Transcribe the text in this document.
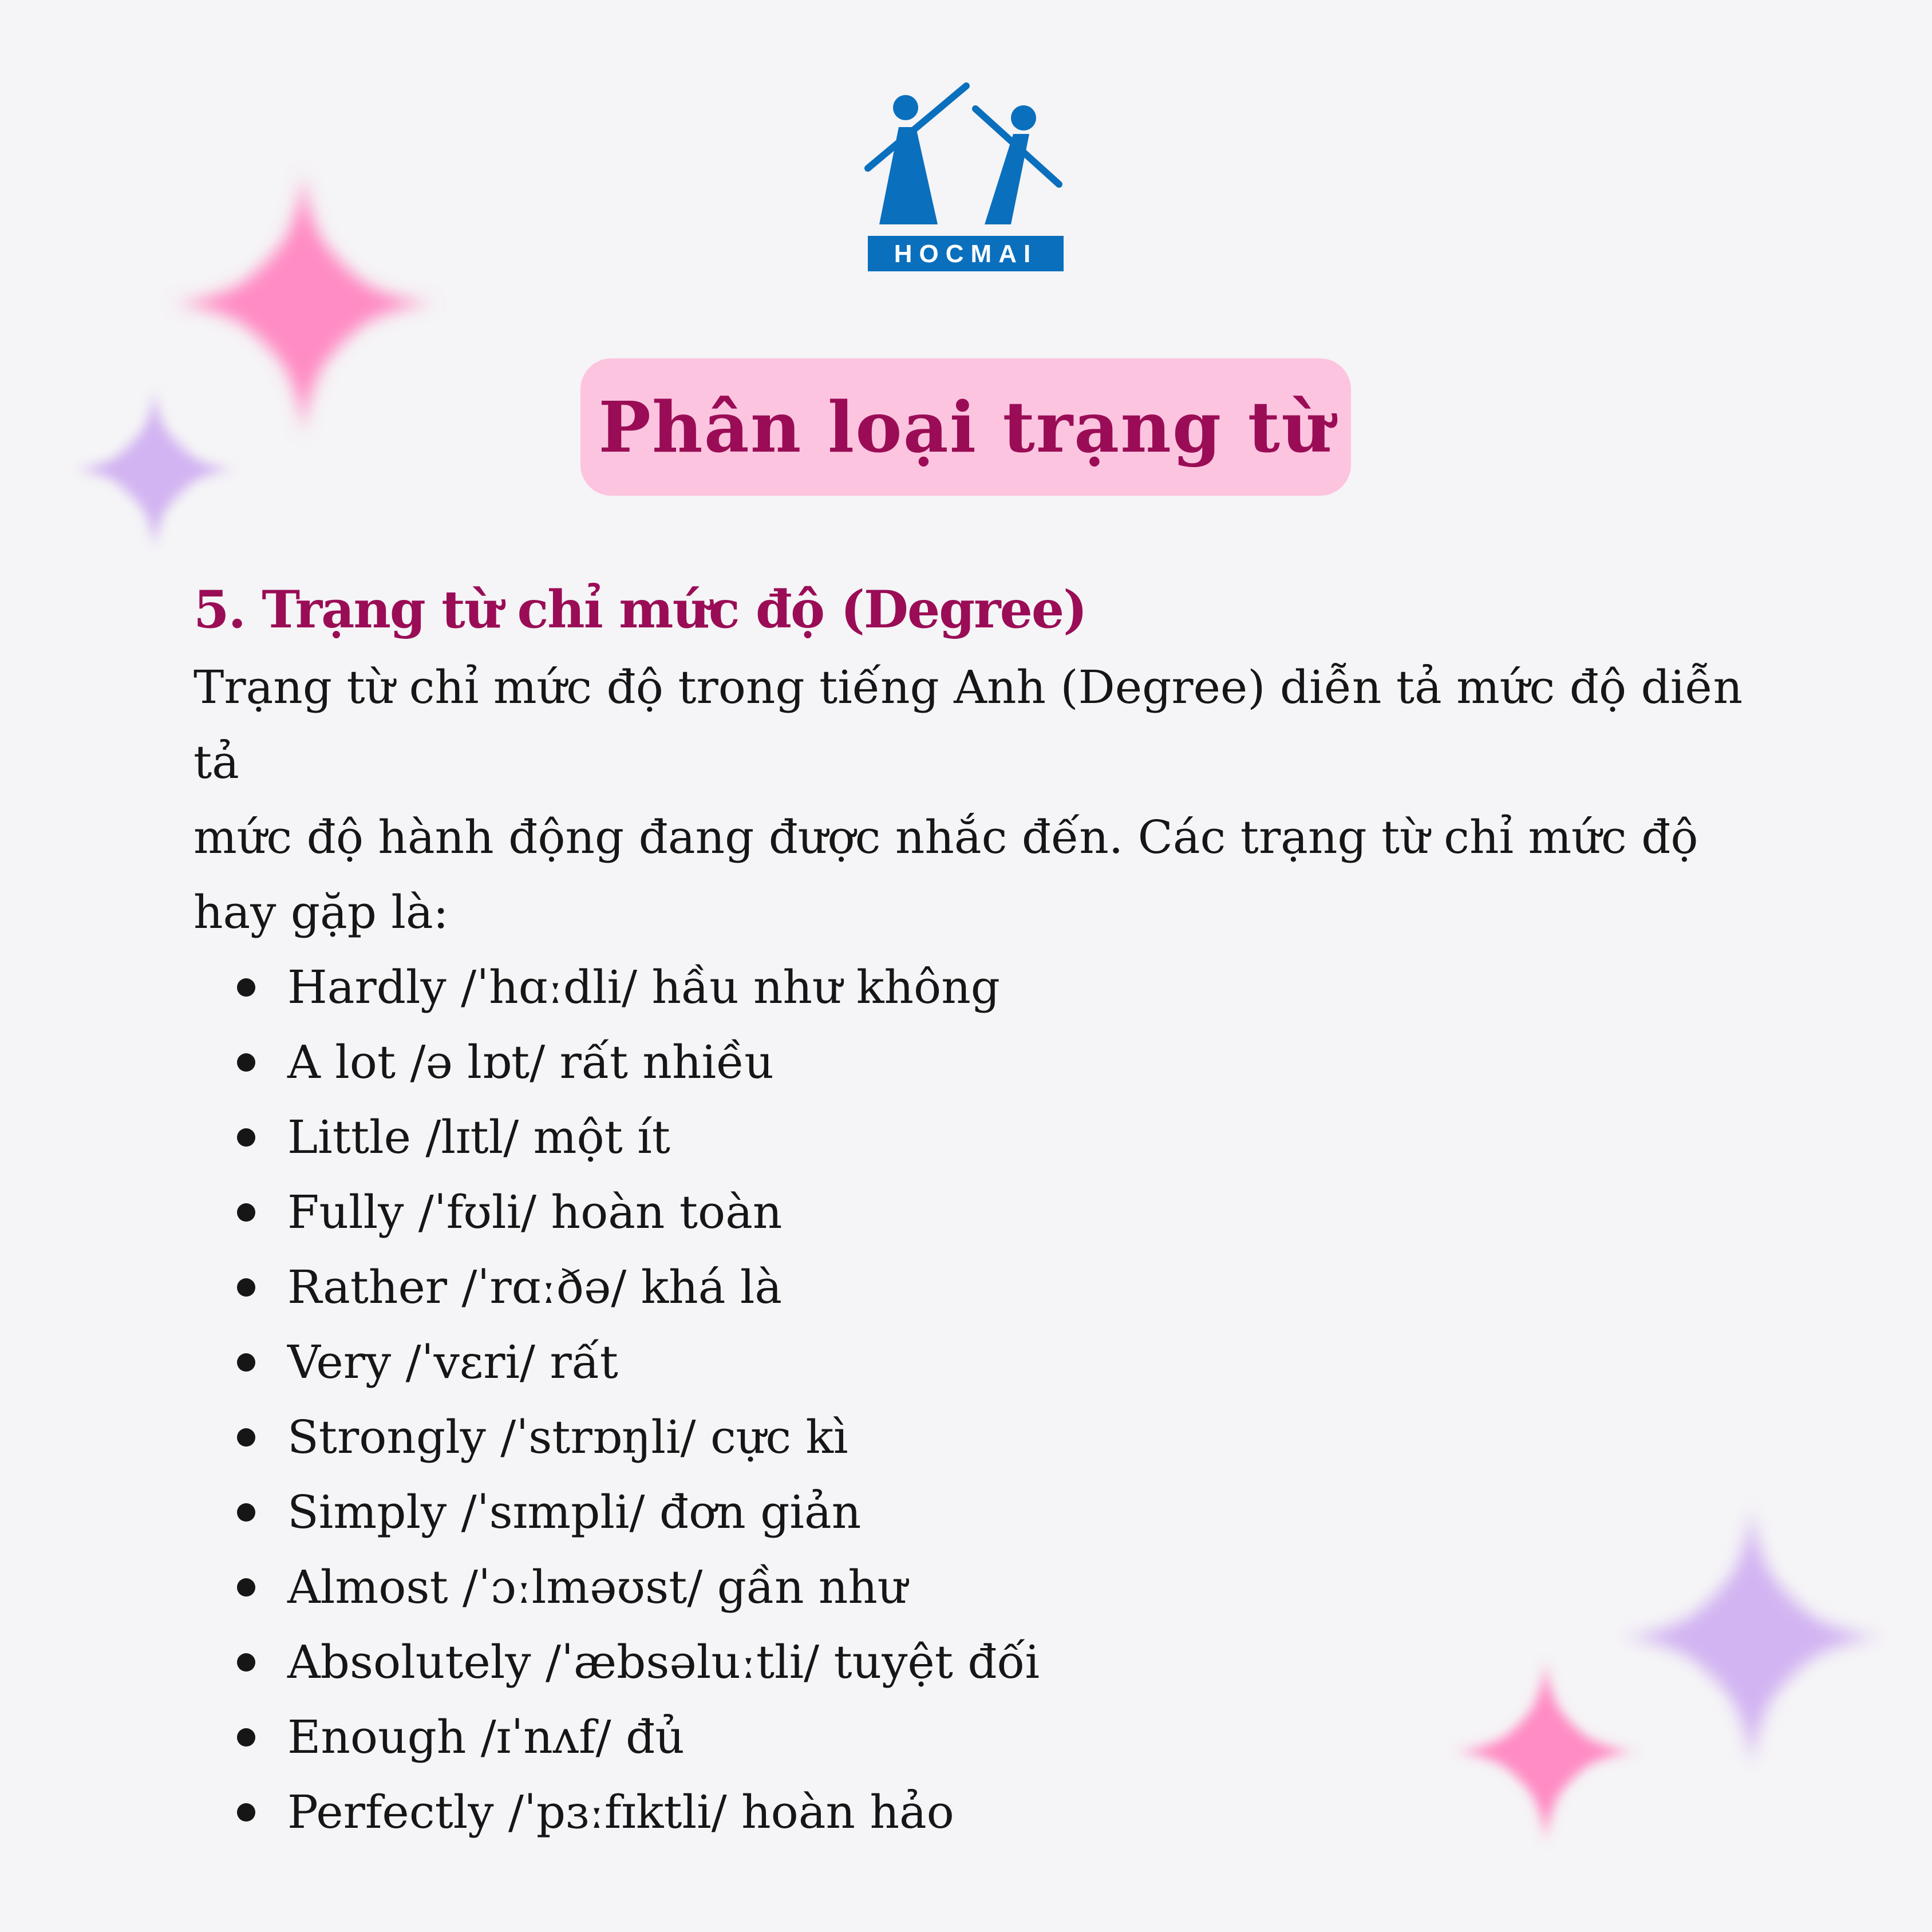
HOCMAI
Phân loại trạng từ
5. Trạng từ chỉ mức độ (Degree)
Trạng từ chỉ mức độ trong tiếng Anh (Degree) diễn tả mức độ diễn tả
mức độ hành động đang được nhắc đến. Các trạng từ chỉ mức độ
hay gặp là:
Hardly /ˈhɑːdli/ hầu như không
A lot /ə lɒt/ rất nhiều
Little /lɪtl/ một ít
Fully /ˈfʊli/ hoàn toàn
Rather /ˈrɑːðə/ khá là
Very /ˈvɛri/ rất
Strongly /ˈstrɒŋli/ cực kì
Simply /ˈsɪmpli/ đơn giản
Almost /ˈɔːlməʊst/ gần như
Absolutely /ˈæbsəluːtli/ tuyệt đối
Enough /ɪˈnʌf/ đủ
Perfectly /ˈpɜːfɪktli/ hoàn hảo
